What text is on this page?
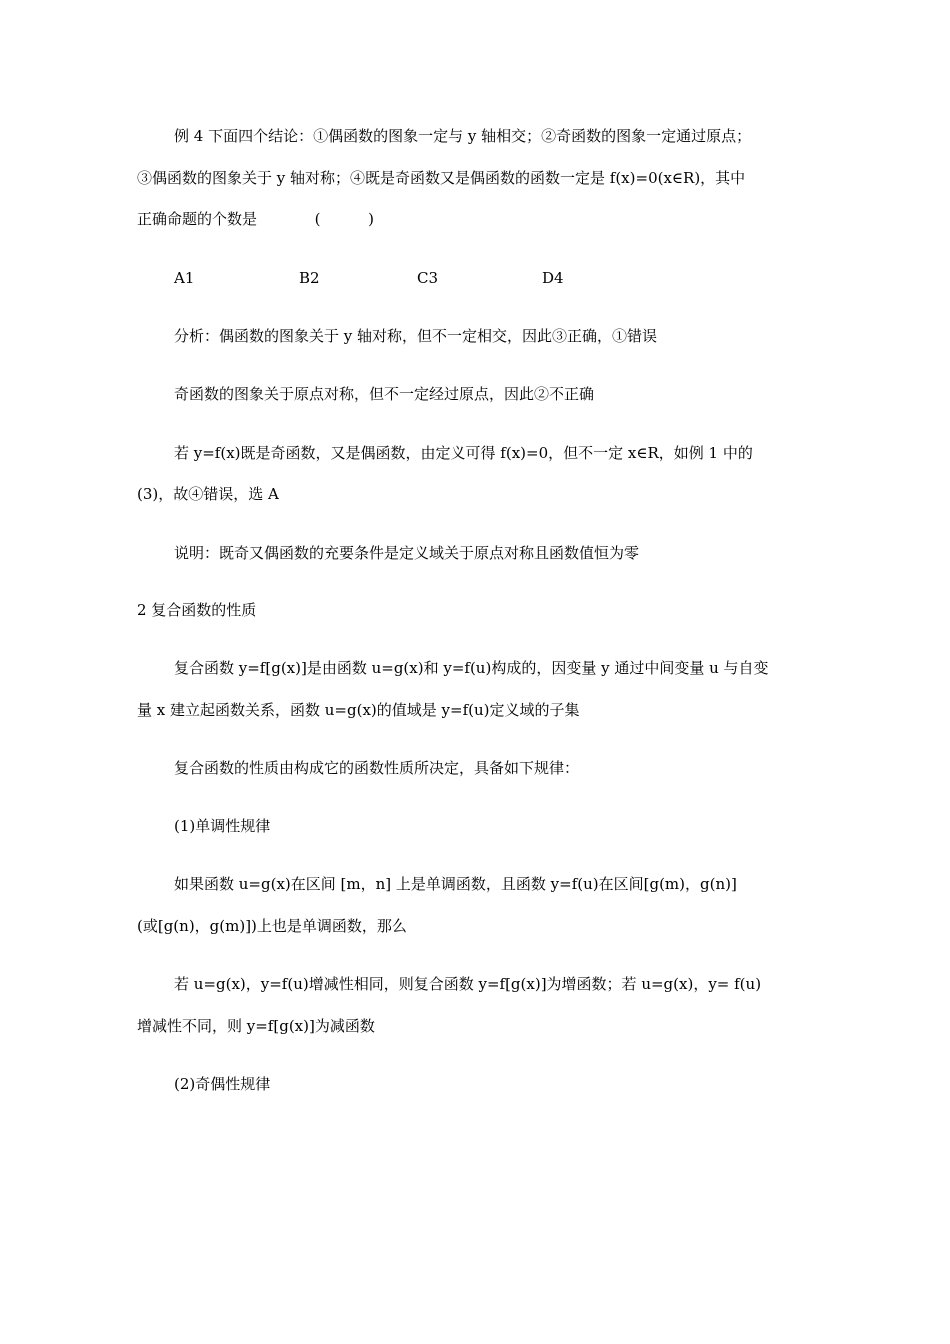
例 4 下面四个结论：①偶函数的图象一定与 y 轴相交；②奇函数的图象一定通过原点；
③偶函数的图象关于 y 轴对称；④既是奇函数又是偶函数的函数一定是 f(x)=0(x∈R)，其中
正确命题的个数是	(          )
A1	B2	C3	D4
分析：偶函数的图象关于 y 轴对称，但不一定相交，因此③正确，①错误
奇函数的图象关于原点对称，但不一定经过原点，因此②不正确
若 y=f(x)既是奇函数，又是偶函数，由定义可得 f(x)=0，但不一定 x∈R，如例 1 中的
(3)，故④错误，选 A
说明：既奇又偶函数的充要条件是定义域关于原点对称且函数值恒为零
2 复合函数的性质
复合函数 y=f[g(x)]是由函数 u=g(x)和 y=f(u)构成的，因变量 y 通过中间变量 u 与自变
量 x 建立起函数关系，函数 u=g(x)的值域是 y=f(u)定义域的子集
复合函数的性质由构成它的函数性质所决定，具备如下规律：
(1)单调性规律
如果函数 u=g(x)在区间 [m，n] 上是单调函数，且函数 y=f(u)在区间[g(m)，g(n)]
(或[g(n)，g(m)])上也是单调函数，那么
若 u=g(x)，y=f(u)增减性相同，则复合函数 y=f[g(x)]为增函数；若 u=g(x)，y= f(u)
增减性不同，则 y=f[g(x)]为减函数
(2)奇偶性规律
